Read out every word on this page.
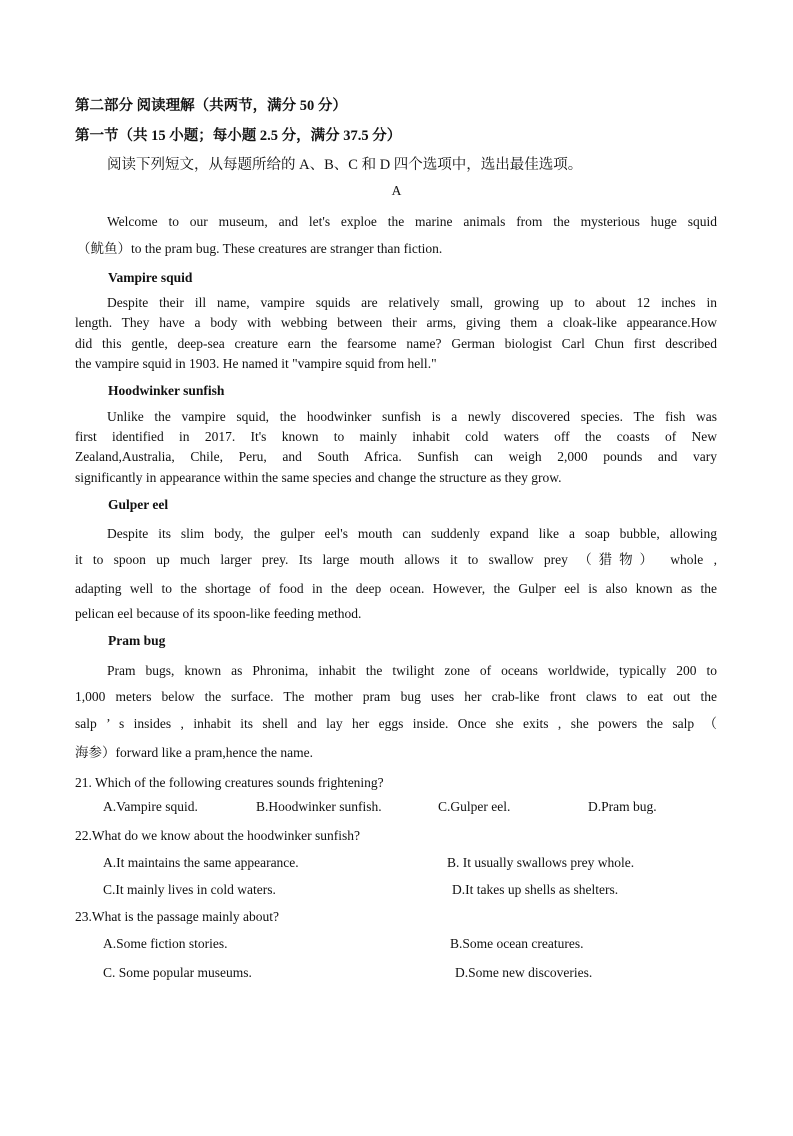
第二部分 阅读理解（共两节，满分 50 分）
第一节（共 15 小题；每小题 2.5 分，满分 37.5 分）
阅读下列短文，从每题所给的 A、B、C 和 D 四个选项中，选出最佳选项。
A
Welcome to our museum, and let's exploe the marine animals from the mysterious huge squid
（鱿鱼）to the pram bug. These creatures are stranger than fiction.
Vampire squid
Despite their ill name, vampire squids are relatively small, growing up to about 12 inches in
length. They have a body with webbing between their arms, giving them a cloak-like appearance.How
did this gentle, deep-sea creature earn the fearsome name? German biologist Carl Chun first described
the vampire squid in 1903. He named it "vampire squid from hell."
Hoodwinker sunfish
Unlike the vampire squid, the hoodwinker sunfish is a newly discovered species. The fish was
first identified in 2017. It's known to mainly inhabit cold waters off the coasts of New
Zealand,Australia, Chile, Peru, and South Africa. Sunfish can weigh 2,000 pounds and vary
significantly in appearance within the same species and change the structure as they grow.
Gulper eel
Despite its slim body, the gulper eel's mouth can suddenly expand like a soap bubble, allowing
it to spoon up much larger prey. Its large mouth allows it to swallow prey （猎物） whole ,
adapting well to the shortage of food in the deep ocean. However, the Gulper eel is also known as the
pelican eel because of its spoon-like feeding method.
Pram bug
Pram bugs, known as Phronima, inhabit the twilight zone of oceans worldwide, typically 200 to
1,000 meters below the surface. The mother pram bug uses her crab-like front claws to eat out the
salp ’ s insides , inhabit its shell and lay her eggs inside. Once she exits , she powers the salp （
海参）forward like a pram,hence the name.
21. Which of the following creatures sounds frightening?
A.Vampire squid.	B.Hoodwinker sunfish.	C.Gulper eel.	D.Pram bug.
22.What do we know about the hoodwinker sunfish?
A.It maintains the same appearance.	B. It usually swallows prey whole.
C.It mainly lives in cold waters.	D.It takes up shells as shelters.
23.What is the passage mainly about?
A.Some fiction stories.	B.Some ocean creatures.
C. Some popular museums.	D.Some new discoveries.
